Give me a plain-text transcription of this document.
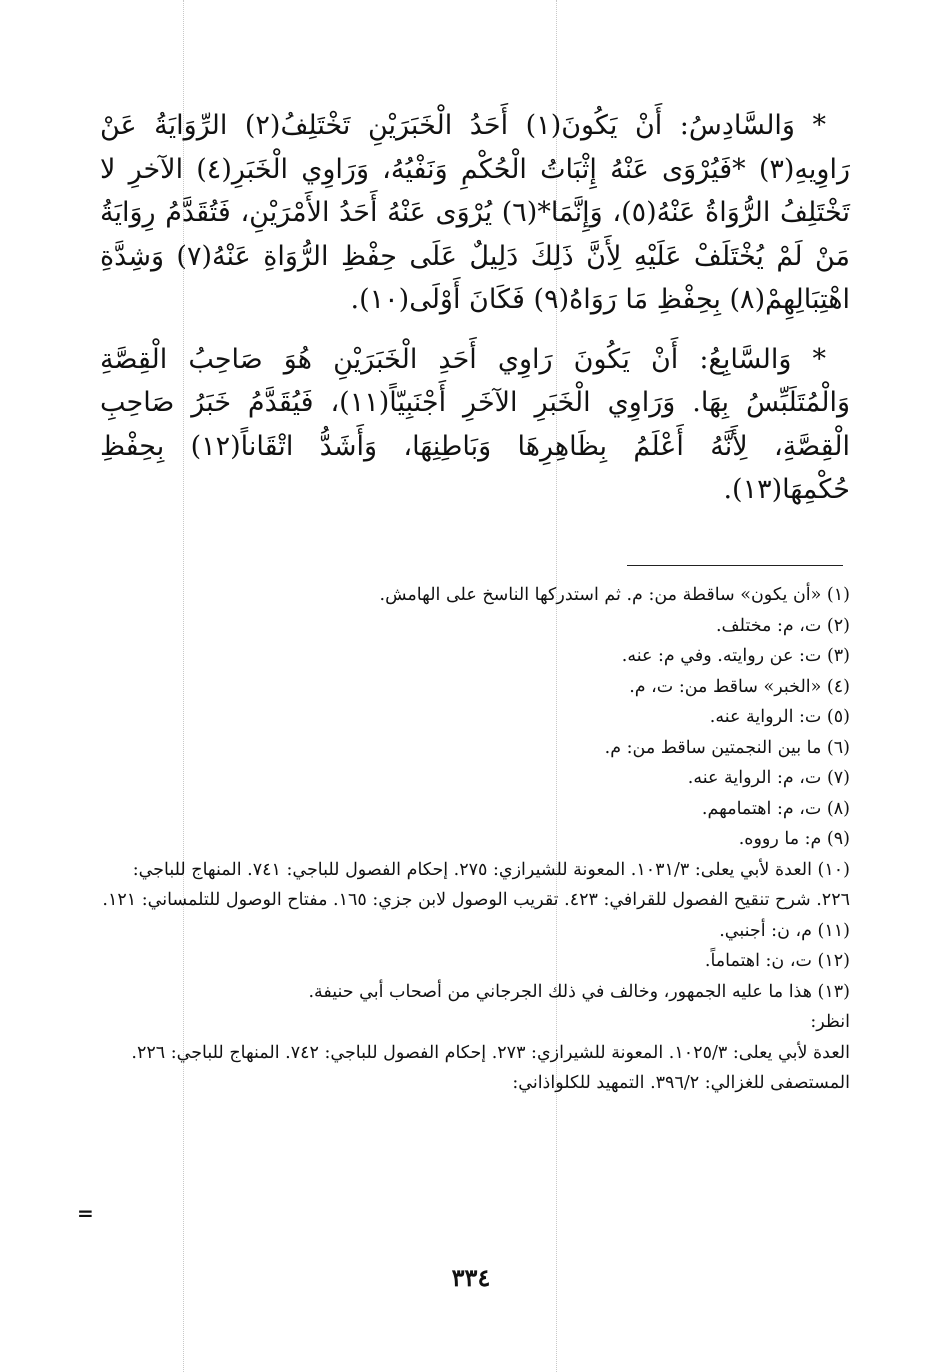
* وَالسَّادِسُ: أَنْ يَكُونَ(١) أَحَدُ الْخَبَرَيْنِ تَخْتَلِفُ(٢) الرِّوَايَةُ عَنْ رَاوِيهِ(٣) *فَيُرْوَى عَنْهُ إِثْبَاتُ الْحُكْمِ وَنَفْيُهُ، وَرَاوِي الْخَبَرِ(٤) الآخرِ لا تَخْتَلِفُ الرُّوَاةُ عَنْهُ(٥)، وَإِنَّمَا*(٦) يُرْوَى عَنْهُ أَحَدُ الأَمْرَيْنِ، فَتُقَدَّمُ رِوَايَةُ مَنْ لَمْ يُخْتَلَفْ عَلَيْهِ لِأَنَّ ذَلِكَ دَلِيلٌ عَلَى حِفْظِ الرُّوَاةِ عَنْهُ(٧) وَشِدَّةِ اهْتِبَالِهِمْ(٨) بِحِفْظِ مَا رَوَاهُ(٩) فَكَانَ أَوْلَى(١٠).

* وَالسَّابِعُ: أَنْ يَكُونَ رَاوِي أَحَدِ الْخَبَرَيْنِ هُوَ صَاحِبُ الْقِصَّةِ وَالْمُتَلَبِّسُ بِهَا. وَرَاوِي الْخَبَرِ الآخَرِ أَجْنَبِيّاً(١١)، فَيُقَدَّمُ خَبَرُ صَاحِبِ الْقِصَّةِ، لِأَنَّهُ أَعْلَمُ بِظَاهِرِهَا وَبَاطِنِهَا، وَأَشَدُّ اتْقَاناً(١٢) بِحِفْظِ حُكْمِهَا(١٣).

(١) «أن يكون» ساقطة من: م. ثم استدركها الناسخ على الهامش.
(٢) ت، م: مختلف.
(٣) ت: عن روايته. وفي م: عنه.
(٤) «الخبر» ساقط من: ت، م.
(٥) ت: الرواية عنه.
(٦) ما بين النجمتين ساقط من: م.
(٧) ت، م: الرواية عنه.
(٨) ت، م: اهتمامهم.
(٩) م: ما رووه.
(١٠) العدة لأبي يعلى: ١٠٣١/٣. المعونة للشيرازي: ٢٧٥. إحكام الفصول للباجي: ٧٤١. المنهاج للباجي: ٢٢٦. شرح تنقيح الفصول للقرافي: ٤٢٣. تقريب الوصول لابن جزي: ١٦٥. مفتاح الوصول للتلمساني: ١٢١.
(١١) م، ن: أجنبي.
(١٢) ت، ن: اهتماماً.
(١٣) هذا ما عليه الجمهور، وخالف في ذلك الجرجاني من أصحاب أبي حنيفة.
انظر:
العدة لأبي يعلى: ١٠٢٥/٣. المعونة للشيرازي: ٢٧٣. إحكام الفصول للباجي: ٧٤٢. المنهاج للباجي: ٢٢٦. المستصفى للغزالي: ٣٩٦/٢. التمهيد للكلواذاني:
=
٣٣٤
